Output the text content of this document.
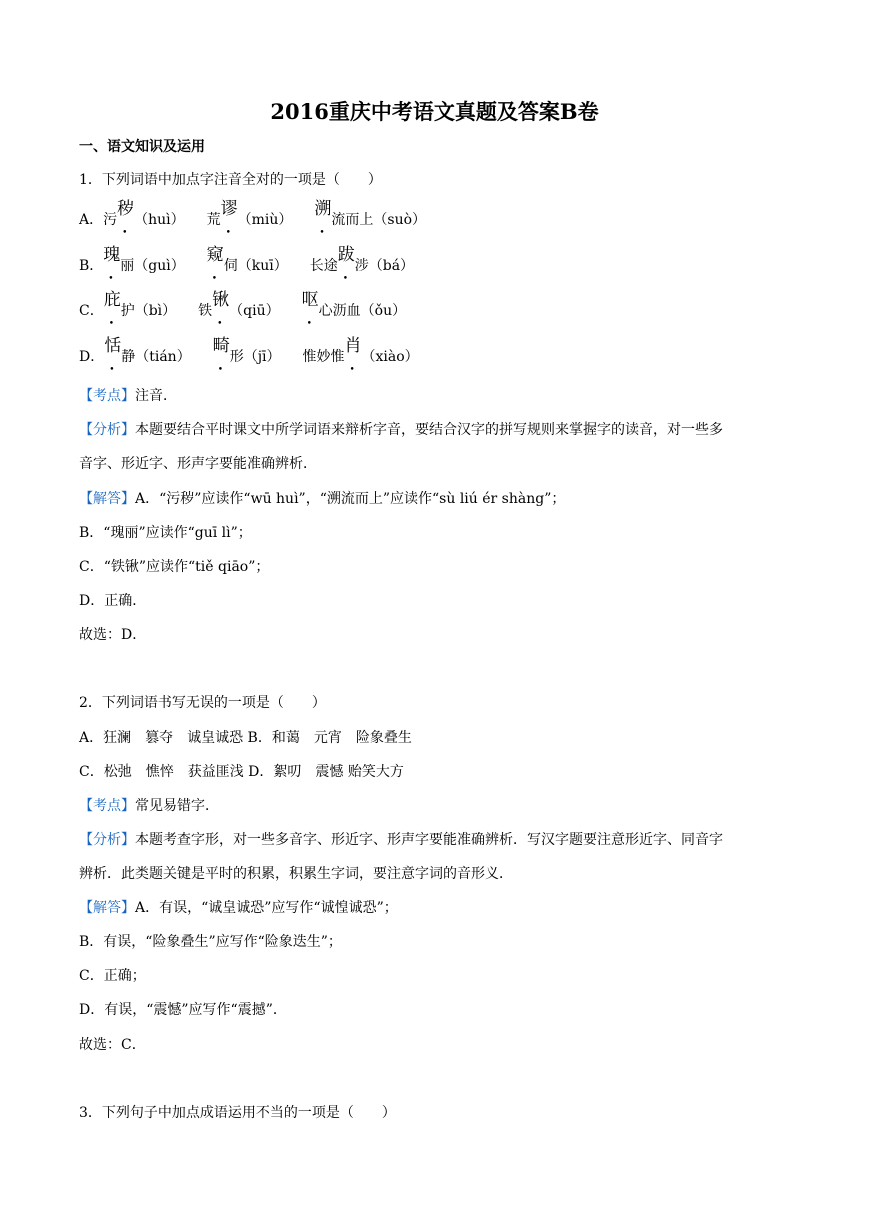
2016重庆中考语文真题及答案B卷
一、语文知识及运用
1．下列词语中加点字注音全对的一项是（　　）
A．污秽（huì） 荒谬（miù）溯流而上（suò）
B．瑰丽（guì）窥伺（kuī） 长途跋涉（bá）
C．庇护（bì） 铁锹（qiū）呕心沥血（ǒu）
D．恬静（tián）畸形（jī） 惟妙惟肖（xiào）
【考点】注音．
【分析】本题要结合平时课文中所学词语来辩析字音，要结合汉字的拼写规则来掌握字的读音，对一些多
音字、形近字、形声字要能准确辨析．
【解答】A．“污秽”应读作“wū huì”，“溯流而上”应读作“sù liú ér shàng”；
B．“瑰丽”应读作“guī lì”；
C．“铁锹”应读作“tiě qiāo”；
D．正确．
故选：D．
2．下列词语书写无误的一项是（　　）
A．狂澜　篡夺　诚皇诚恐 B．和蔼　元宵　险象叠生
C．松弛　憔悴　获益匪浅 D．絮叨　震憾 贻笑大方
【考点】常见易错字．
【分析】本题考查字形，对一些多音字、形近字、形声字要能准确辨析．写汉字题要注意形近字、同音字
辨析．此类题关键是平时的积累，积累生字词，要注意字词的音形义．
【解答】A．有误，“诚皇诚恐”应写作“诚惶诚恐”；
B．有误，“险象叠生”应写作“险象迭生”；
C．正确；
D．有误，“震憾”应写作“震撼”．
故选：C．
3．下列句子中加点成语运用不当的一项是（　　）
